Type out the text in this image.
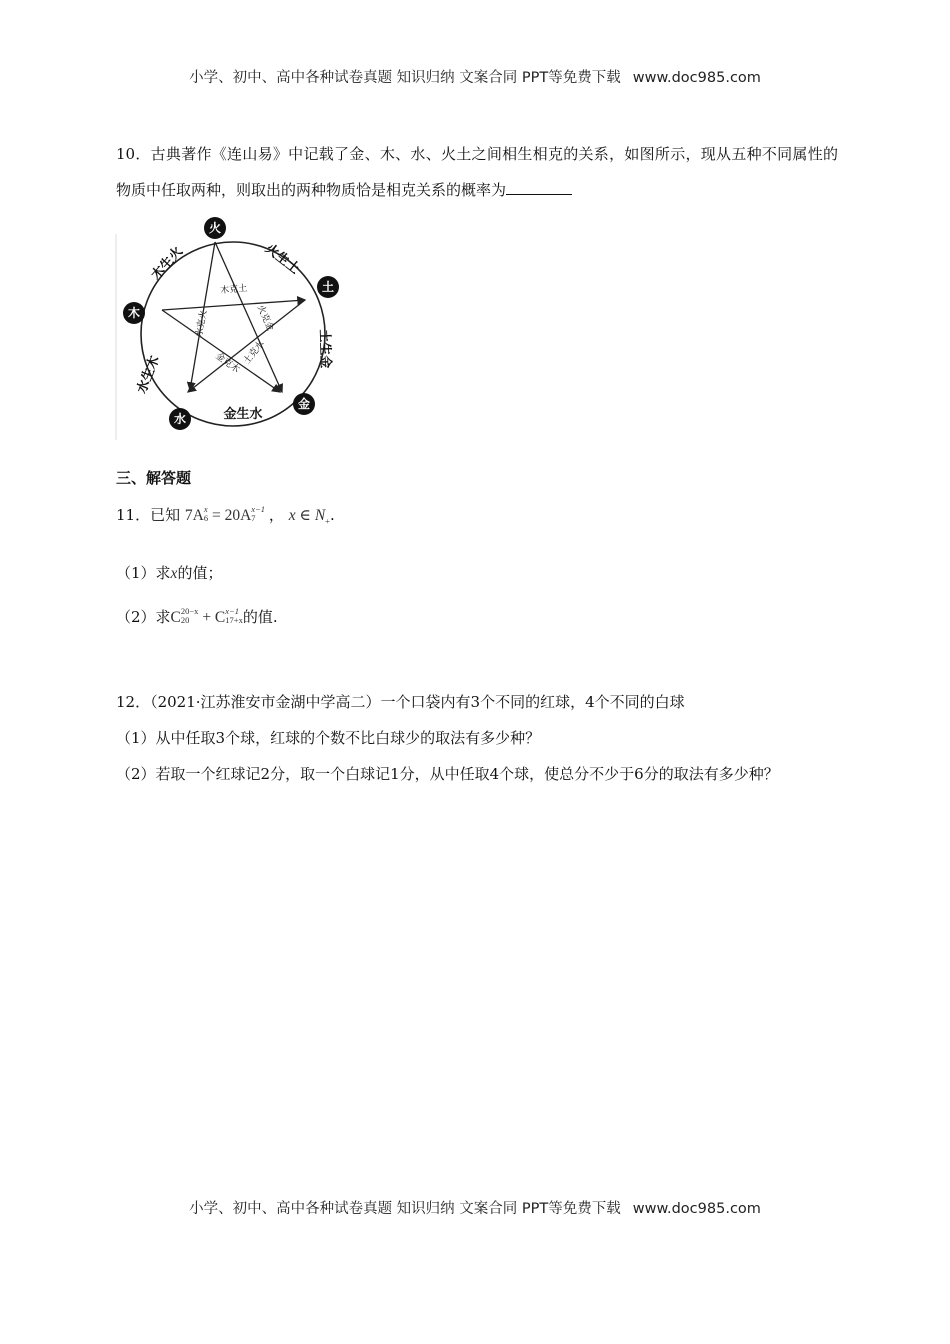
小学、初中、高中各种试卷真题 知识归纳 文案合同 PPT等免费下载 www.doc985.com
10．古典著作《连山易》中记载了金、木、水、火土之间相生相克的关系，如图所示，现从五种不同属性的物质中任取两种，则取出的两种物质恰是相克关系的概率为
火
土
金
水
木
火生土
土生金
金生水
水生木
木生火
木克土
火克金
土克水
金克木
水克火
三、解答题
11．已知 7Ax
6 = 20Ax−1
7 ， x ∈ $N_+$.
（1）求x的值；
（2）求C20−x
20 + Cx−1
17+x的值.
12．（2021·江苏淮安市金湖中学高二）一个口袋内有3个不同的红球，4个不同的白球
（1）从中任取3个球，红球的个数不比白球少的取法有多少种？
（2）若取一个红球记2分，取一个白球记1分，从中任取4个球，使总分不少于6分的取法有多少种？
小学、初中、高中各种试卷真题 知识归纳 文案合同 PPT等免费下载 www.doc985.com
